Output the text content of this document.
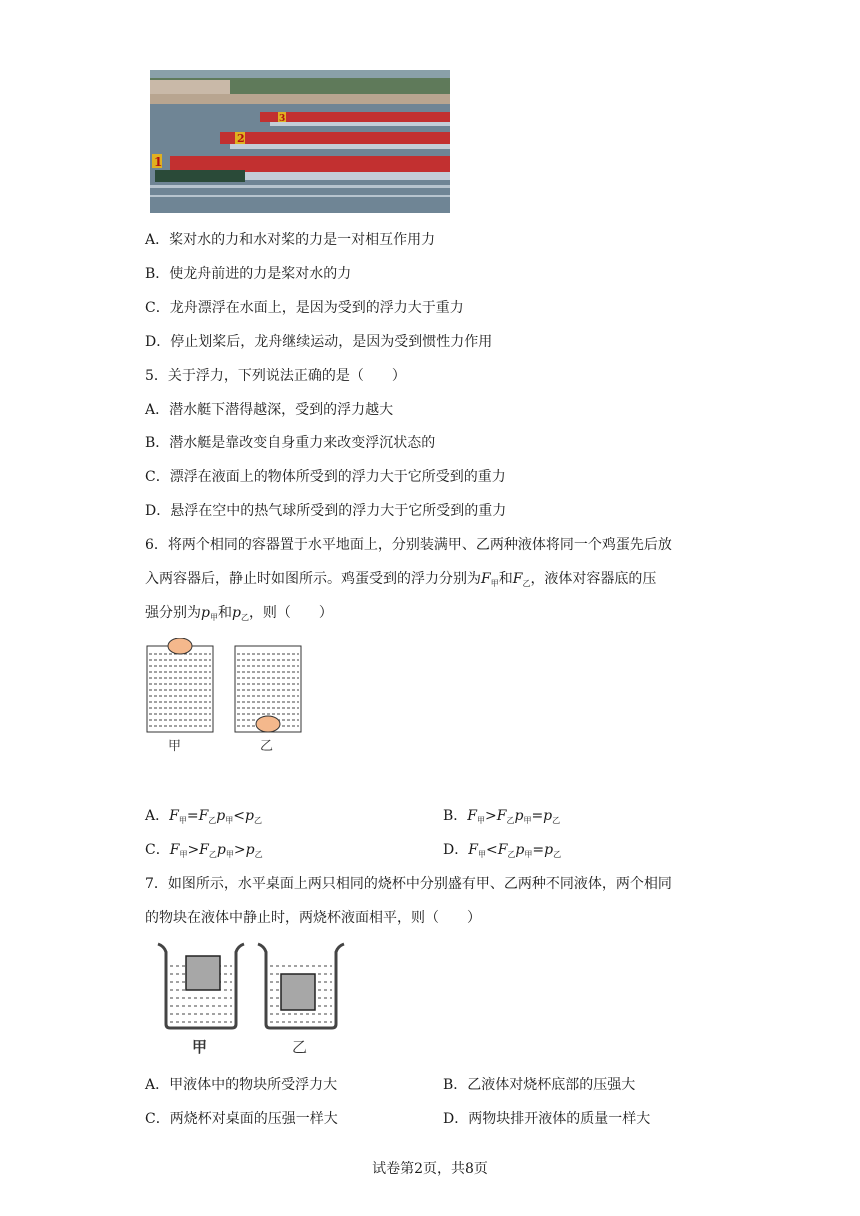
1
2
3
A．桨对水的力和水对桨的力是一对相互作用力
B．使龙舟前进的力是桨对水的力
C．龙舟漂浮在水面上，是因为受到的浮力大于重力
D．停止划桨后，龙舟继续运动，是因为受到惯性力作用
5．关于浮力，下列说法正确的是（　　）
A．潜水艇下潜得越深，受到的浮力越大
B．潜水艇是靠改变自身重力来改变浮沉状态的
C．漂浮在液面上的物体所受到的浮力大于它所受到的重力
D．悬浮在空中的热气球所受到的浮力大于它所受到的重力
6．将两个相同的容器置于水平地面上，分别装满甲、乙两种液体将同一个鸡蛋先后放
入两容器后，静止时如图所示。鸡蛋受到的浮力分别为$F_甲$和$F_乙$，液体对容器底的压
强分别为$p_甲$和$p_乙$，则（　　）
甲	乙
A．$F_甲=F_乙p_甲<p_乙$	B．$F_甲>F_乙p_甲=p_乙$
C．$F_甲>F_乙p_甲>p_乙$	D．$F_甲<F_乙p_甲=p_乙$
7．如图所示，水平桌面上两只相同的烧杯中分别盛有甲、乙两种不同液体，两个相同
的物块在液体中静止时，两烧杯液面相平，则（　　）
甲	乙
A．甲液体中的物块所受浮力大	B．乙液体对烧杯底部的压强大
C．两烧杯对桌面的压强一样大	D．两物块排开液体的质量一样大
试卷第2页，共8页
